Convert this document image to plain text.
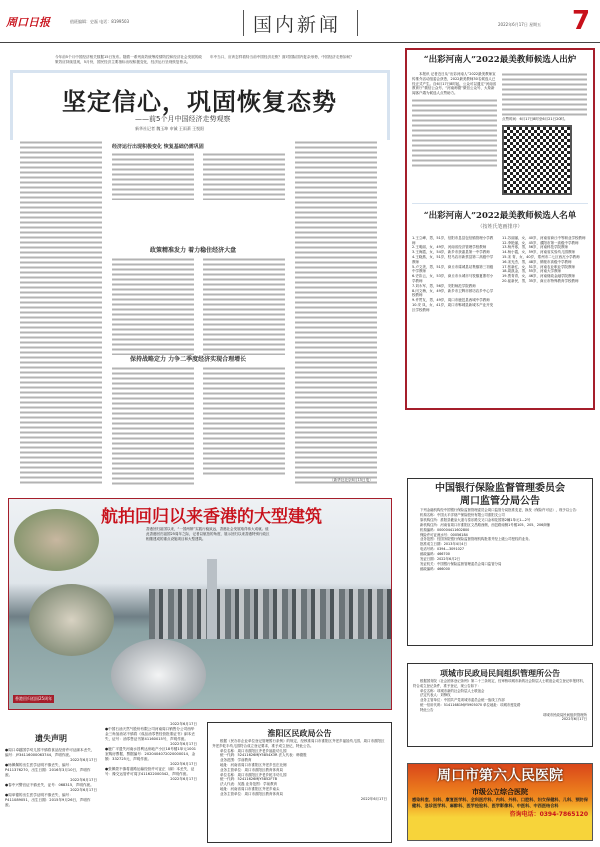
周口日报	值班编辑：史磊 电话：8199503	国内新闻	2022年6月17日 星期五 7
今年前5个月中国经济相关数据15日发布。随着一系列高效统筹疫情防控和经济社会发展的政策效应持续显现，5月份，国民经济主要指标出现积极变化，经济运行呈现恢复势头。
年中当口，应该怎样看待当前中国经济走势？面对国际国内复杂形势，中国经济走势如何？
坚定信心，巩固恢复态势
——前5个月中国经济走势观察
新华社记者 魏玉坤 申铖 王雨萧 王悦阳
经济运行出现积极变化 恢复基础仍需巩固
政策精准发力 着力稳住经济大盘
保持战略定力 力争二季度经济实现合理增长
（新华社北京6月15日电）
航拍回归以来香港的大型建筑
香港回归祖国以来，“一国两制”实践行稳致远，香港社会发展取得伟大成就。值此香港回归祖国25周年之际，记者以航拍的角度，展示回归以来香港特别行政区相继建成的重点设施项目和大型建筑。
香港回归祖国25周年
遗失声明
●周口卓越国学幼儿园不慎将食品经营许可证副本丢失，编号：JY34116000063744，声明作废。
2022年6月17日
●杨佩佩的出生医学证明不慎丢失，编号：P411376270，出生日期：2016年3月10日，声明作废。
2022年6月17日
●春中兴警官证不慎丢失，证号：068315，声明作废。
2022年6月17日
●周单德的出生医学证明不慎丢失，编号：P411089051，出生日期：2015年9月26日，声明作废。
2022年6月17日
●中国石油天然气股份有限公司河南周口销售分公司西华金三角加油站不慎将《成品油零售经营批准证书》副本丢失，证号：油零售证书第41160015号，声明作废。
2022年6月17日
●鹿广平遗失河南水昌利达房地产小区18号楼1单元1001室购房票据，票据编号：2020404072020000014，金额：332725元，声明作废。
2022年6月17日
●张佩蒙不慎将道路运输经营许可证正（副）本丢失，证号：豫交运管许可周字411622000342，声明作废。
2022年6月17日
淮阳区民政局公告
根据《民办非企业单位登记管理暂行条例》的规定，经核准周口市淮阳区齐老乡福娃幼儿园、周口市淮阳区齐老乡乾丰幼儿园符合成立登记要求，准予成立登记，特此公告。
单位名称：周口市淮阳区齐老乡福娃幼儿园
统一代码：52411626MJY5854X3R 法人代表：韩德胜
业务范围：学前教育
地址：河南省周口市淮阳区齐老乡岳庄北侧
业务主管单位：周口市淮阳区教育体育局
单位名称：周口市淮阳区齐老乡乾丰幼儿园
统一代码：52411626MJY5852F7B
法人代表：吴磊 业务范围：学前教育
地址：河南省周口市淮阳区齐老乡南头
业务主管单位：周口市淮阳区教育体育局
2022年6月17日
“出彩河南人”2022最美教师候选人出炉
本报讯 记者近日从“出彩河南人”2022最美教师宣传推介活动组委会获悉，2022最美教师30名候选人已经正式产生。自6月17日8时起，公众可以通过“河南省教育厅”微信公众号、“河南师德”微信公众号、大象新闻客户端为候选人点赞助力。
点赞时间：6月17日8时至6月21日20时。
“出彩河南人”2022最美教师候选人名单
（按姓氏笔画排序）
1.王立峰，男，51岁，信阳市息县包信镇管理小学教师
2.王明丽，女，49岁，河南省经济管理学校教师
3.王海霞，女，54岁，新乡市获嘉县第一中学教师
4.王晓燕，女，51岁，驻马店市新蔡县第二高级中学教师
5.卢文美，男，51岁，商丘市虞城县站集镇第三初级中学教师
6.史彩云，女，53岁，商丘市永城市马牧镇夏寨村小学教师
7.刘永军，男，56岁，安阳师范学院教师
8.闫文梅，女，49岁，新乡市卫辉市顿坊店乡中心学校教师
9.许贯友，男，49岁，周口市鹿邑县西城中学教师
10.安 凤，女，41岁，周口市郸城县新城木产业开发区学校教师
11.苏丽丽，女，40岁，河南省商丘中等职业学校教师
12.李艳丽，女，45岁，濮阳市第一高级中学教师
13.杨丹寒，男，56岁，河南科技学院教师
14.杨小霞，女，59岁，河南省实验幼儿园教师
15.宋 青，女，40岁，郑州市二七区西瓦小学教师
16.宋光杰，男，48岁，鹤壁市高级中学教师
17.张新红，女，51岁，河南农业职业学院教师
18.周凯金，男，55岁，河南大学教师
19.贾青青，女，46岁，河南财政金融学院教师
20.崔新民，男，35岁，商丘市特殊教育学校教师
中国银行保险监督管理委员会
周口监管分局公告
下列金融机构经中国银行保险监督管理委员会周口监管分局批准变更，换发《保险许可证》，现予以公告：
机构名称：中国太平洋财产保险股份有限公司淮阳支公司
原机构住所：淮阳县羲皇大道与泰乐路交叉口金和花园第2幢1单元1—2号
新机构住所：河南省周口市淮阳区文昌路西侧，西邑路南侧1号楼105、205、206商铺
机构编码：000004411602800
保险许可证流水号：00056184
业务范围：经国务院银行保险监督管理机构批准并经上级公司授权的业务。
批准成立日期：2013年4月4日
电话号码：0394—3091027
邮政编码：466700
发证日期：2022年6月2日
发证机关：中国银行保险监督管理委员会周口监管分局
邮政编码：466000
项城市民政局民间组织管理所公告
根据国务院《社会团体登记条例》第二十三条规定，经审核项城市新的社会阶层人士联谊会成立登记申报材料，符合成立登记条件，准予登记，现公告如下：
单位名称：项城市新的社会阶层人士联谊会
法定代表人：刘锋权
业务主管单位：中国共产党项城市委员会统一战线工作部
统一信用代码：51411681MJY5905070 单位地址：项城市莲花路
特此公告
项城市民政局民间组织管理所
2022年6月17日
周口市第六人民医院
市级公立综合医院
感染科室、妇科、康复医学科、全科医疗科、内科、外科、口腔科、妇女保健科、儿科、预防保健科、急诊医学科、麻醉科、医学检验科、医学影像科、中医科、中西医结合科
咨询电话：0394-7865120
